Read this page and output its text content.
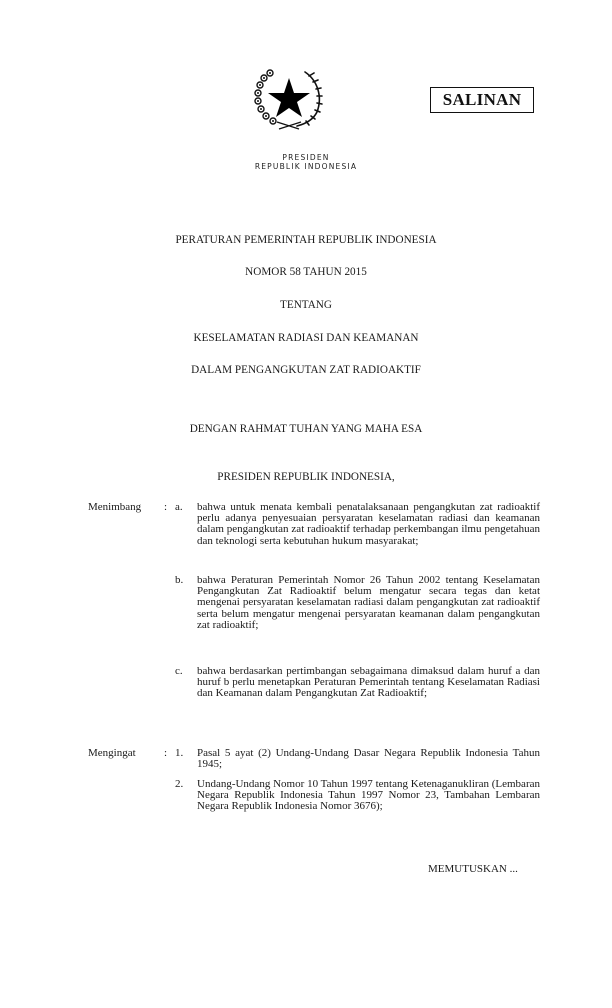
PRESIDEN
REPUBLIK INDONESIA
SALINAN
PERATURAN PEMERINTAH REPUBLIK INDONESIA
NOMOR 58 TAHUN 2015
TENTANG
KESELAMATAN RADIASI DAN KEAMANAN
DALAM PENGANGKUTAN ZAT RADIOAKTIF
DENGAN RAHMAT TUHAN YANG MAHA ESA
PRESIDEN REPUBLIK INDONESIA,
Menimbang : a.	bahwa untuk menata kembali penatalaksanaan pengangkutan zat radioaktif perlu adanya penyesuaian persyaratan keselamatan radiasi dan keamanan dalam pengangkutan zat radioaktif terhadap perkembangan ilmu pengetahuan dan teknologi serta kebutuhan hukum masyarakat;
b.	bahwa Peraturan Pemerintah Nomor 26 Tahun 2002 tentang Keselamatan Pengangkutan Zat Radioaktif belum mengatur secara tegas dan ketat mengenai persyaratan keselamatan radiasi dalam pengangkutan zat radioaktif serta belum mengatur mengenai persyaratan keamanan dalam pengangkutan zat radioaktif;
c.	bahwa berdasarkan pertimbangan sebagaimana dimaksud dalam huruf a dan huruf b perlu menetapkan Peraturan Pemerintah tentang Keselamatan Radiasi dan Keamanan dalam Pengangkutan Zat Radioaktif;
Mengingat	: 1.	Pasal 5 ayat (2) Undang-Undang Dasar Negara Republik Indonesia Tahun 1945;
2.	Undang-Undang Nomor 10 Tahun 1997 tentang Ketenaganukliran (Lembaran Negara Republik Indonesia Tahun 1997 Nomor 23, Tambahan Lembaran Negara Republik Indonesia Nomor 3676);
MEMUTUSKAN ...
